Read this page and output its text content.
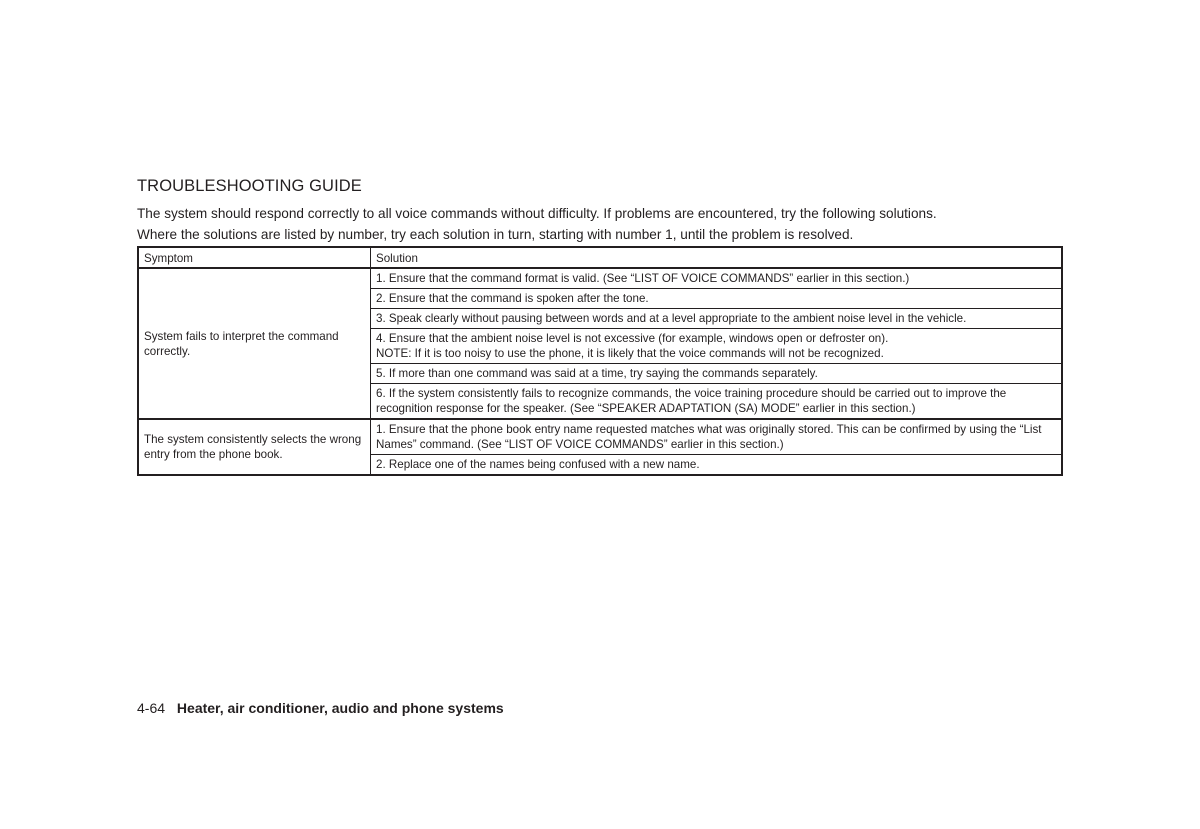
TROUBLESHOOTING GUIDE

The system should respond correctly to all voice commands without difficulty. If problems are encountered, try the following solutions.

Where the solutions are listed by number, try each solution in turn, starting with number 1, until the problem is resolved.

Symptom	Solution
System fails to interpret the command correctly.	1. Ensure that the command format is valid. (See “LIST OF VOICE COMMANDS” earlier in this section.)
	2. Ensure that the command is spoken after the tone.
	3. Speak clearly without pausing between words and at a level appropriate to the ambient noise level in the vehicle.

	4. Ensure that the ambient noise level is not excessive (for example, windows open or defroster on).
NOTE: If it is too noisy to use the phone, it is likely that the voice commands will not be recognized.

	5. If more than one command was said at a time, try saying the commands separately.
	6. If the system consistently fails to recognize commands, the voice training procedure should be carried out to improve the recognition response for the speaker. (See “SPEAKER ADAPTATION (SA) MODE” earlier in this section.)
The system consistently selects the wrong entry from the phone book.	1. Ensure that the phone book entry name requested matches what was originally stored. This can be confirmed by using the “List Names” command. (See “LIST OF VOICE COMMANDS” earlier in this section.)
	2. Replace one of the names being confused with a new name.
4-64 Heater, air conditioner, audio and phone systems
